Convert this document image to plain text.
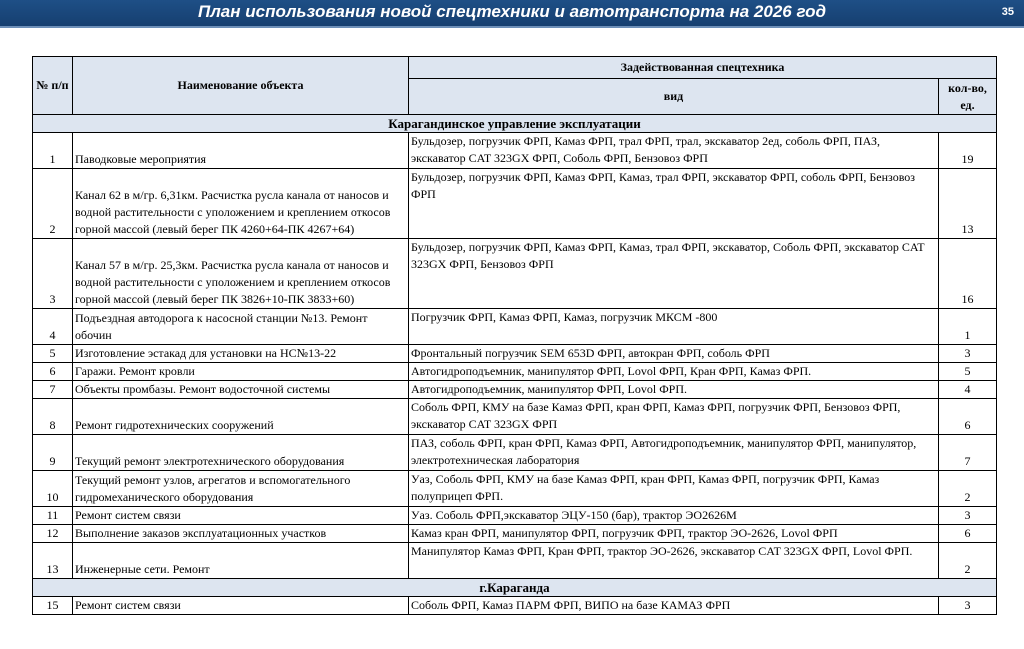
План использования новой спецтехники и автотранспорта на 2026 год	35
№ п/п	Наименование объекта	Задействованная спецтехника	
		вид	кол-во, ед.
Карагандинское управление эксплуатации			
1	Паводковые мероприятия	Бульдозер, погрузчик ФРП, Камаз ФРП, трал ФРП, трал, экскаватор 2ед, соболь ФРП, ПАЗ, экскаватор CAT 323GX ФРП, Соболь ФРП, Бензовоз ФРП	19
2	Канал 62 в м/гр. 6,31км. Расчистка русла канала от наносов и водной растительности с уположением и креплением откосов горной массой (левый берег ПК 4260+64-ПК 4267+64)	Бульдозер, погрузчик ФРП, Камаз ФРП, Камаз, трал ФРП, экскаватор ФРП, соболь ФРП, Бензовоз ФРП	13
3	Канал 57 в м/гр. 25,3км. Расчистка русла канала от наносов и водной растительности с уположением и креплением откосов горной массой (левый берег ПК 3826+10-ПК 3833+60)	Бульдозер, погрузчик ФРП, Камаз ФРП, Камаз, трал ФРП, экскаватор, Соболь ФРП, экскаватор CAT 323GX ФРП, Бензовоз ФРП	16
4	Подъездная автодорога к насосной станции №13. Ремонт обочин	Погрузчик ФРП, Камаз ФРП, Камаз, погрузчик МКСМ -800	1
5	Изготовление эстакад для установки на НС№13-22	Фронтальный погрузчик SEM 653D ФРП, автокран ФРП, соболь ФРП	3
6	Гаражи. Ремонт кровли	Автогидроподъемник, манипулятор ФРП, Lovol ФРП, Кран ФРП, Камаз ФРП.	5
7	Объекты промбазы. Ремонт водосточной системы	Автогидроподъемник, манипулятор ФРП, Lovol ФРП.	4
8	Ремонт гидротехнических сооружений	Соболь ФРП, КМУ на базе Камаз ФРП, кран ФРП, Камаз ФРП, погрузчик ФРП, Бензовоз ФРП, экскаватор CAT 323GX ФРП	6
9	Текущий ремонт электротехнического оборудования	ПАЗ, соболь ФРП, кран ФРП, Камаз ФРП, Автогидроподъемник, манипулятор ФРП, манипулятор, электротехническая лаборатория	7
10	Текущий ремонт узлов, агрегатов и вспомогательного гидромеханического оборудования	Уаз, Соболь ФРП, КМУ на базе Камаз ФРП, кран ФРП, Камаз ФРП, погрузчик ФРП, Камаз полуприцеп ФРП.	2
11	Ремонт систем связи	Уаз. Соболь ФРП,экскаватор ЭЦУ-150 (бар), трактор ЭО2626М	3
12	Выполнение заказов эксплуатационных участков	Камаз кран ФРП, манипулятор ФРП, погрузчик ФРП, трактор ЭО-2626, Lovol ФРП	6
13	Инженерные сети. Ремонт	Манипулятор Камаз ФРП, Кран ФРП, трактор ЭО-2626, экскаватор CAT 323GX ФРП, Lovol ФРП.	2
г.Караганда			
15	Ремонт систем связи	Соболь ФРП, Камаз ПАРМ ФРП, ВИПО на базе КАМАЗ ФРП	3
